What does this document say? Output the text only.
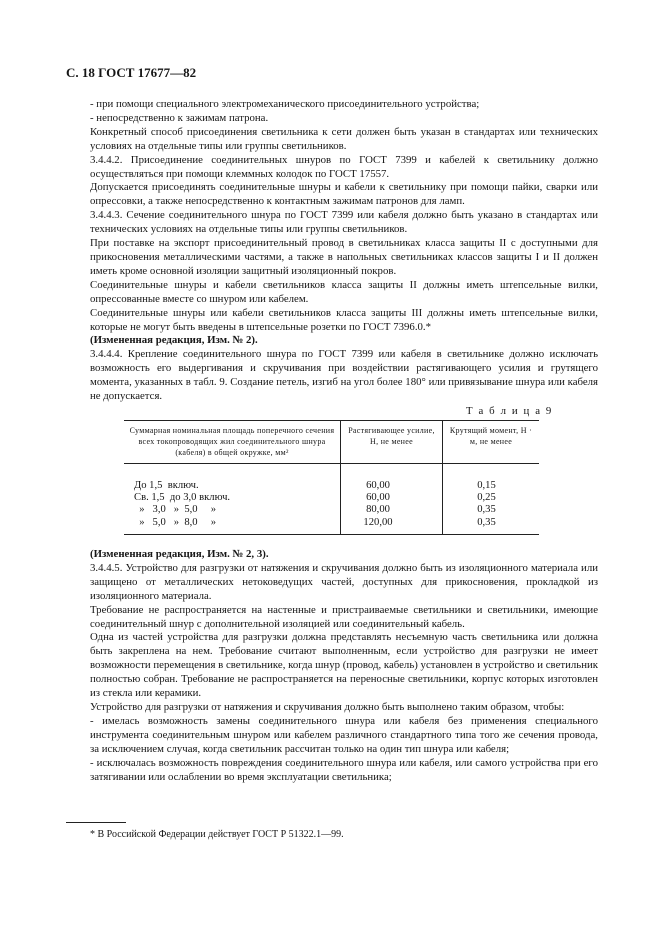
С. 18 ГОСТ 17677—82

- при помощи специального электромеханического присоединительного устройства;

- непосредственно к зажимам патрона.

Конкретный способ присоединения светильника к сети должен быть указан в стандартах или технических условиях на отдельные типы или группы светильников.

3.4.4.2. Присоединение соединительных шнуров по ГОСТ 7399 и кабелей к светильнику должно осуществляться при помощи клеммных колодок по ГОСТ 17557.

Допускается присоединять соединительные шнуры и кабели к светильнику при помощи пайки, сварки или опрессовки, а также непосредственно к контактным зажимам патронов для ламп.

3.4.4.3. Сечение соединительного шнура по ГОСТ 7399 или кабеля должно быть указано в стандартах или технических условиях на отдельные типы или группы светильников.

При поставке на экспорт присоединительный провод в светильниках класса защиты II с доступными для прикосновения металлическими частями, а также в напольных светильниках классов защиты I и II должен иметь кроме основной изоляции защитный изоляционный покров.

Соединительные шнуры и кабели светильников класса защиты II должны иметь штепсельные вилки, опрессованные вместе со шнуром или кабелем.

Соединительные шнуры или кабели светильников класса защиты III должны иметь штепсельные вилки, которые не могут быть введены в штепсельные розетки по ГОСТ 7396.0.*

(Измененная редакция, Изм. № 2).

3.4.4.4. Крепление соединительного шнура по ГОСТ 7399 или кабеля в светильнике должно исключать возможность его выдергивания и скручивания при воздействии растягивающего усилия и грутящего момента, указанных в табл. 9. Создание петель, изгиб на угол более 180° или привязывание шнура или кабеля не допускается.

Т а б л и ц а 9
Суммарная номинальная площадь поперечного сечения всех токопроводящих жил соединительного шнура (кабеля) в общей окружке, мм²	Растягивающее усилие, Н, не менее	Крутящий момент, Н · м, не менее

До 1,5  включ.	60,00	0,15
Св. 1,5  до 3,0 включ.	60,00	0,25
»   3,0   »  5,0     »	80,00	0,35
»   5,0   »  8,0     »	120,00	0,35

(Измененная редакция, Изм. № 2, 3).

3.4.4.5. Устройство для разгрузки от натяжения и скручивания должно быть из изоляционного материала или защищено от металлических нетоковедущих частей, доступных для прикосновения, прокладкой из изоляционного материала.

Требование не распространяется на настенные и пристраиваемые светильники и светильники, имеющие соединительный шнур с дополнительной изоляцией или соединительный кабель.

Одна из частей устройства для разгрузки должна представлять несъемную часть светильника или должна быть закреплена на нем. Требование считают выполненным, если устройство для разгрузки не имеет возможности перемещения в светильнике, когда шнур (провод, кабель) установлен в устройство и светильник полностью собран. Требование не распространяется на переносные светильники, корпус которых изготовлен из стекла или керамики.

Устройство для разгрузки от натяжения и скручивания должно быть выполнено таким образом, чтобы:

- имелась возможность замены соединительного шнура или кабеля без применения специального инструмента соединительным шнуром или кабелем различного стандартного типа того же сечения провода, за исключением случая, когда светильник рассчитан только на один тип шнура или кабеля;

- исключалась возможность повреждения соединительного шнура или кабеля, или самого устройства при его затягивании или ослаблении во время эксплуатации светильника;

* В Российской Федерации действует ГОСТ Р 51322.1—99.
